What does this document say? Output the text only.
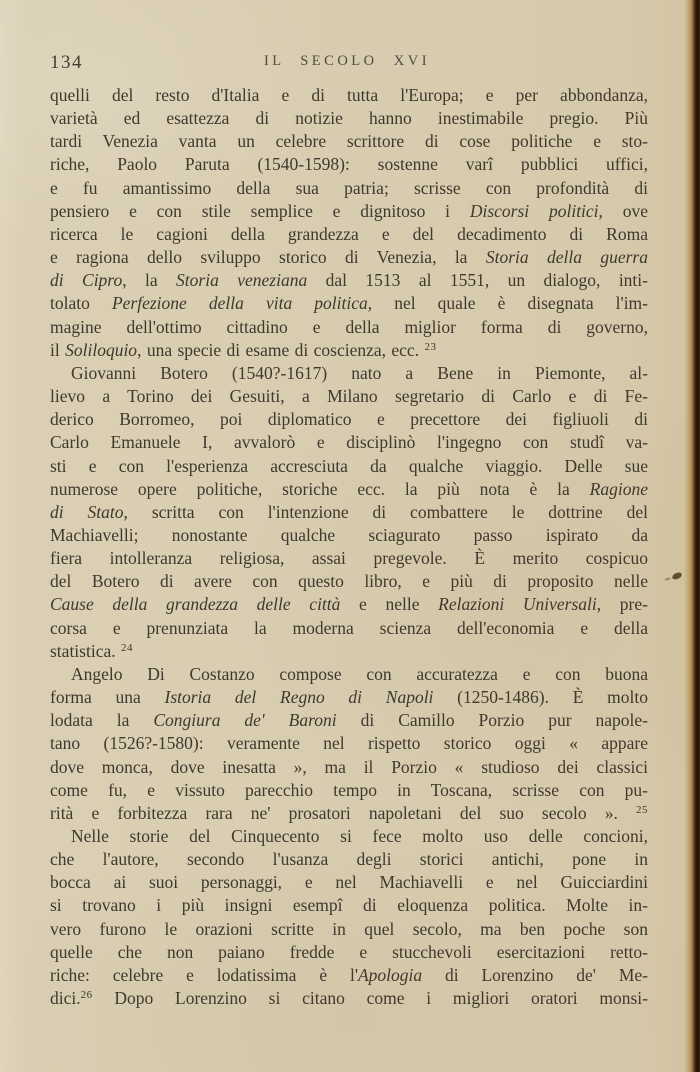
134	IL SECOLO XVI
quelli del resto d'Italia e di tutta l'Europa; e per abbondanza,
varietà ed esattezza di notizie hanno inestimabile pregio. Più
tardi Venezia vanta un celebre scrittore di cose politiche e sto-
riche, Paolo Paruta (1540-1598): sostenne varî pubblici uffici,
e fu amantissimo della sua patria; scrisse con profondità di
pensiero e con stile semplice e dignitoso i Discorsi politici, ove
ricerca le cagioni della grandezza e del decadimento di Roma
e ragiona dello sviluppo storico di Venezia, la Storia della guerra
di Cipro, la Storia veneziana dal 1513 al 1551, un dialogo, inti-
tolato Perfezione della vita politica, nel quale è disegnata l'im-
magine dell'ottimo cittadino e della miglior forma di governo,
il Soliloquio, una specie di esame di coscienza, ecc. $^{23}$
Giovanni Botero (1540?-1617) nato a Bene in Piemonte, al-
lievo a Torino dei Gesuiti, a Milano segretario di Carlo e di Fe-
derico Borromeo, poi diplomatico e precettore dei figliuoli di
Carlo Emanuele I, avvalorò e disciplinò l'ingegno con studî va-
sti e con l'esperienza accresciuta da qualche viaggio. Delle sue
numerose opere politiche, storiche ecc. la più nota è la Ragione
di Stato, scritta con l'intenzione di combattere le dottrine del
Machiavelli; nonostante qualche sciagurato passo ispirato da
fiera intolleranza religiosa, assai pregevole. È merito cospicuo
del Botero di avere con questo libro, e più di proposito nelle
Cause della grandezza delle città e nelle Relazioni Universali, pre-
corsa e prenunziata la moderna scienza dell'economia e della
statistica. $^{24}$
Angelo Di Costanzo compose con accuratezza e con buona
forma una Istoria del Regno di Napoli (1250-1486). È molto
lodata la Congiura de' Baroni di Camillo Porzio pur napole-
tano (1526?-1580): veramente nel rispetto storico oggi « appare
dove monca, dove inesatta », ma il Porzio « studioso dei classici
come fu, e vissuto parecchio tempo in Toscana, scrisse con pu-
rità e forbitezza rara ne' prosatori napoletani del suo secolo ». $^{25}$
Nelle storie del Cinquecento si fece molto uso delle concioni,
che l'autore, secondo l'usanza degli storici antichi, pone in
bocca ai suoi personaggi, e nel Machiavelli e nel Guicciardini
si trovano i più insigni esempî di eloquenza politica. Molte in-
vero furono le orazioni scritte in quel secolo, ma ben poche son
quelle che non paiano fredde e stucchevoli esercitazioni retto-
riche: celebre e lodatissima è l'Apologia di Lorenzino de' Me-
dici.$^{26}$ Dopo Lorenzino si citano come i migliori oratori monsi-
